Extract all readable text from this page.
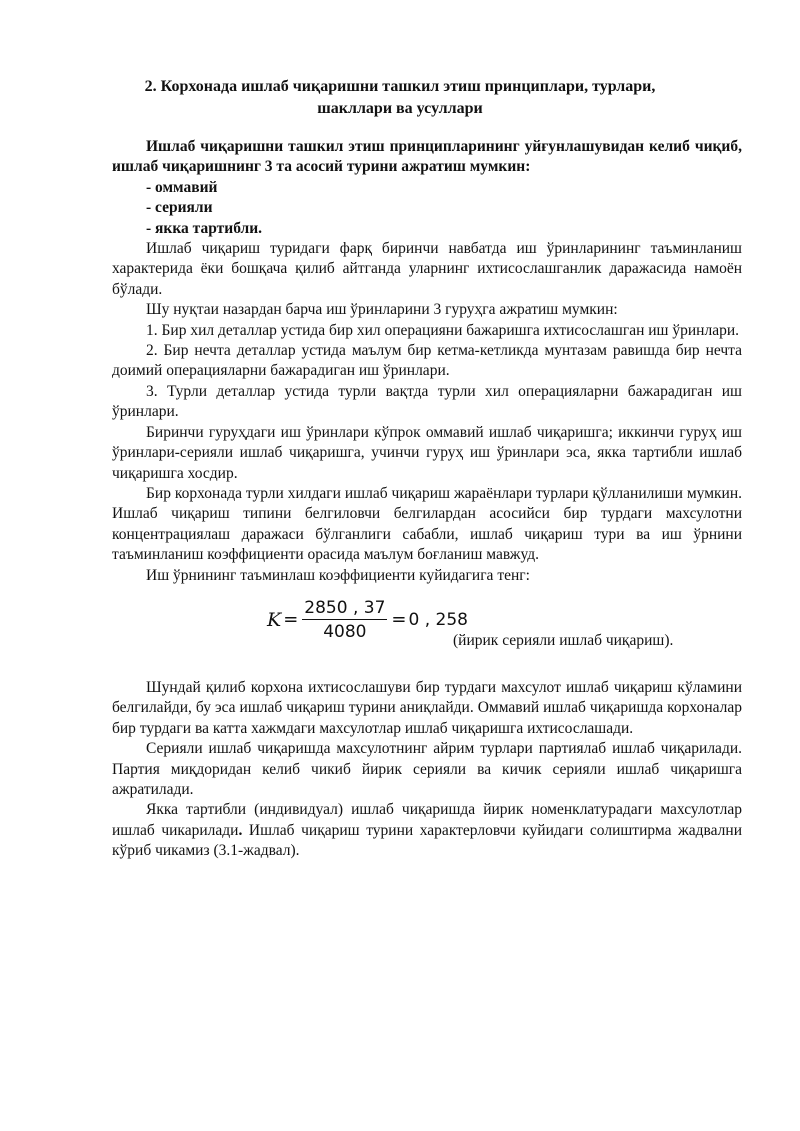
2. Корхонада ишлаб чиқаришни ташкил этиш принциплари, турлари,
шакллари ва усуллари

Ишлаб чиқаришни ташкил этиш принципларининг уйғунлашувидан келиб чиқиб, ишлаб чиқаришнинг 3 та асосий турини ажратиш мумкин:

- оммавий

- серияли

- якка тартибли.

Ишлаб чиқариш туридаги фарқ биринчи навбатда иш ўринларининг таъминланиш характерида ёки бошқача қилиб айтганда уларнинг ихтисослашганлик даражасида намоён бўлади.

Шу нуқтаи назардан барча иш ўринларини 3 гуруҳга ажратиш мумкин:

1. Бир хил деталлар устида бир хил операцияни бажаришга ихтисослашган иш ўринлари.

2. Бир нечта деталлар устида маълум бир кетма-кетликда мунтазам равишда бир нечта доимий операцияларни бажарадиган иш ўринлари.

3. Турли деталлар устида турли вақтда турли хил операцияларни бажарадиган иш ўринлари.

Биринчи гуруҳдаги иш ўринлари кўпрок оммавий ишлаб чиқаришга; иккинчи гуруҳ иш ўринлари-серияли ишлаб чиқаришга, учинчи гуруҳ иш ўринлари эса, якка тартибли ишлаб чиқаришга хосдир.

Бир корхонада турли хилдаги ишлаб чиқариш жараёнлари турлари қўлланилиши мумкин. Ишлаб чиқариш типини белгиловчи белгилардан асосийси бир турдаги махсулотни концентрациялаш даражаси бўлганлиги сабабли, ишлаб чиқариш тури ва иш ўрнини таъминланиш коэффициенти орасида маълум боғланиш мавжуд.

Иш ўрнининг таъминлаш коэффициенти куйидагига тенг:

$K = \frac{2850 , 37}{4080} = 0$ , 258
(йирик серияли ишлаб чиқариш).

Шундай қилиб корхона ихтисослашуви бир турдаги махсулот ишлаб чиқариш кўламини белгилайди, бу эса ишлаб чиқариш турини аниқлайди. Оммавий ишлаб чиқаришда корхоналар бир турдаги ва катта хажмдаги махсулотлар ишлаб чиқаришга ихтисослашади.

Серияли ишлаб чиқаришда махсулотнинг айрим турлари партиялаб ишлаб чиқарилади. Партия миқдоридан келиб чикиб йирик серияли ва кичик серияли ишлаб чиқаришга ажратилади.

Якка тартибли (индивидуал) ишлаб чиқаришда йирик номенклатурадаги махсулотлар ишлаб чикарилади. Ишлаб чиқариш турини характерловчи куйидаги солиштирма жадвални кўриб чикамиз (3.1-жадвал).
